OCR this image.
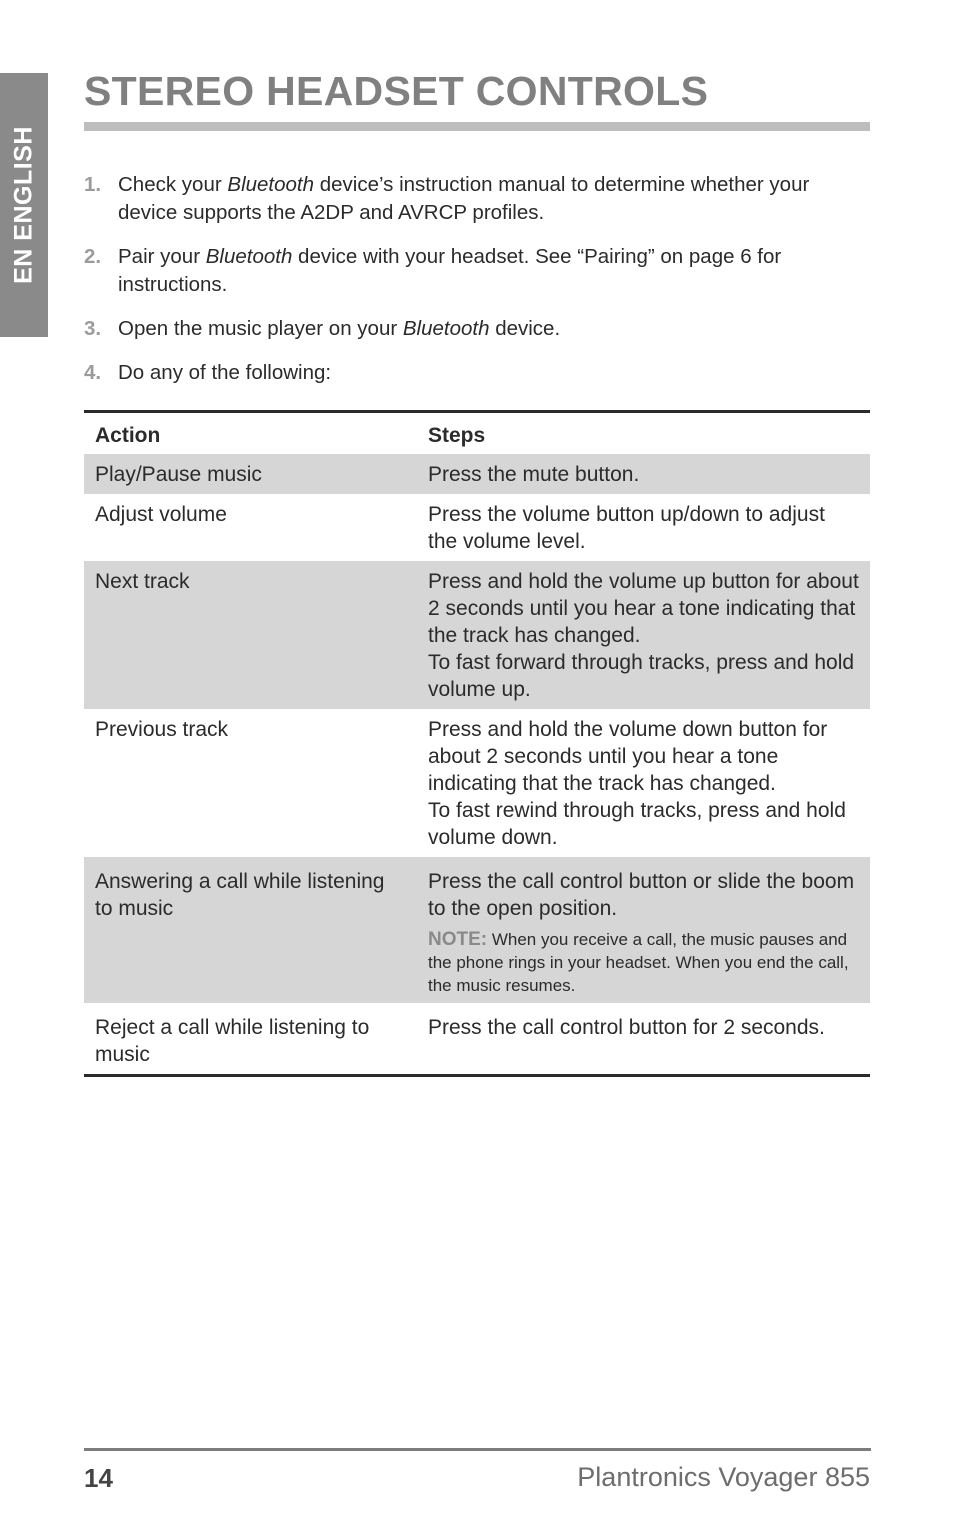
EN ENGLISH
STEREO HEADSET CONTROLS
1. Check your Bluetooth device’s instruction manual to determine whether your device supports the A2DP and AVRCP profiles.
2. Pair your Bluetooth device with your headset. See “Pairing” on page 6 for instructions.
3. Open the music player on your Bluetooth device.
4. Do any of the following:
Action	Steps
Play/Pause music	Press the mute button.

Adjust volume	Press the volume button up/down to adjust the volume level.

Next track	Press and hold the volume up button for about 2 seconds until you hear a tone indicating that the track has changed.
To fast forward through tracks, press and hold volume up.

Previous track	Press and hold the volume down button for about 2 seconds until you hear a tone indicating that the track has changed.
To fast rewind through tracks, press and hold volume down.

Answering a call while listening to music	Press the call control button or slide the boom to the open position.
NOTE: When you receive a call, the music pauses and the phone rings in your headset. When you end the call, the music resumes.

Reject a call while listening to music	Press the call control button for 2 seconds.
14	Plantronics Voyager 855
